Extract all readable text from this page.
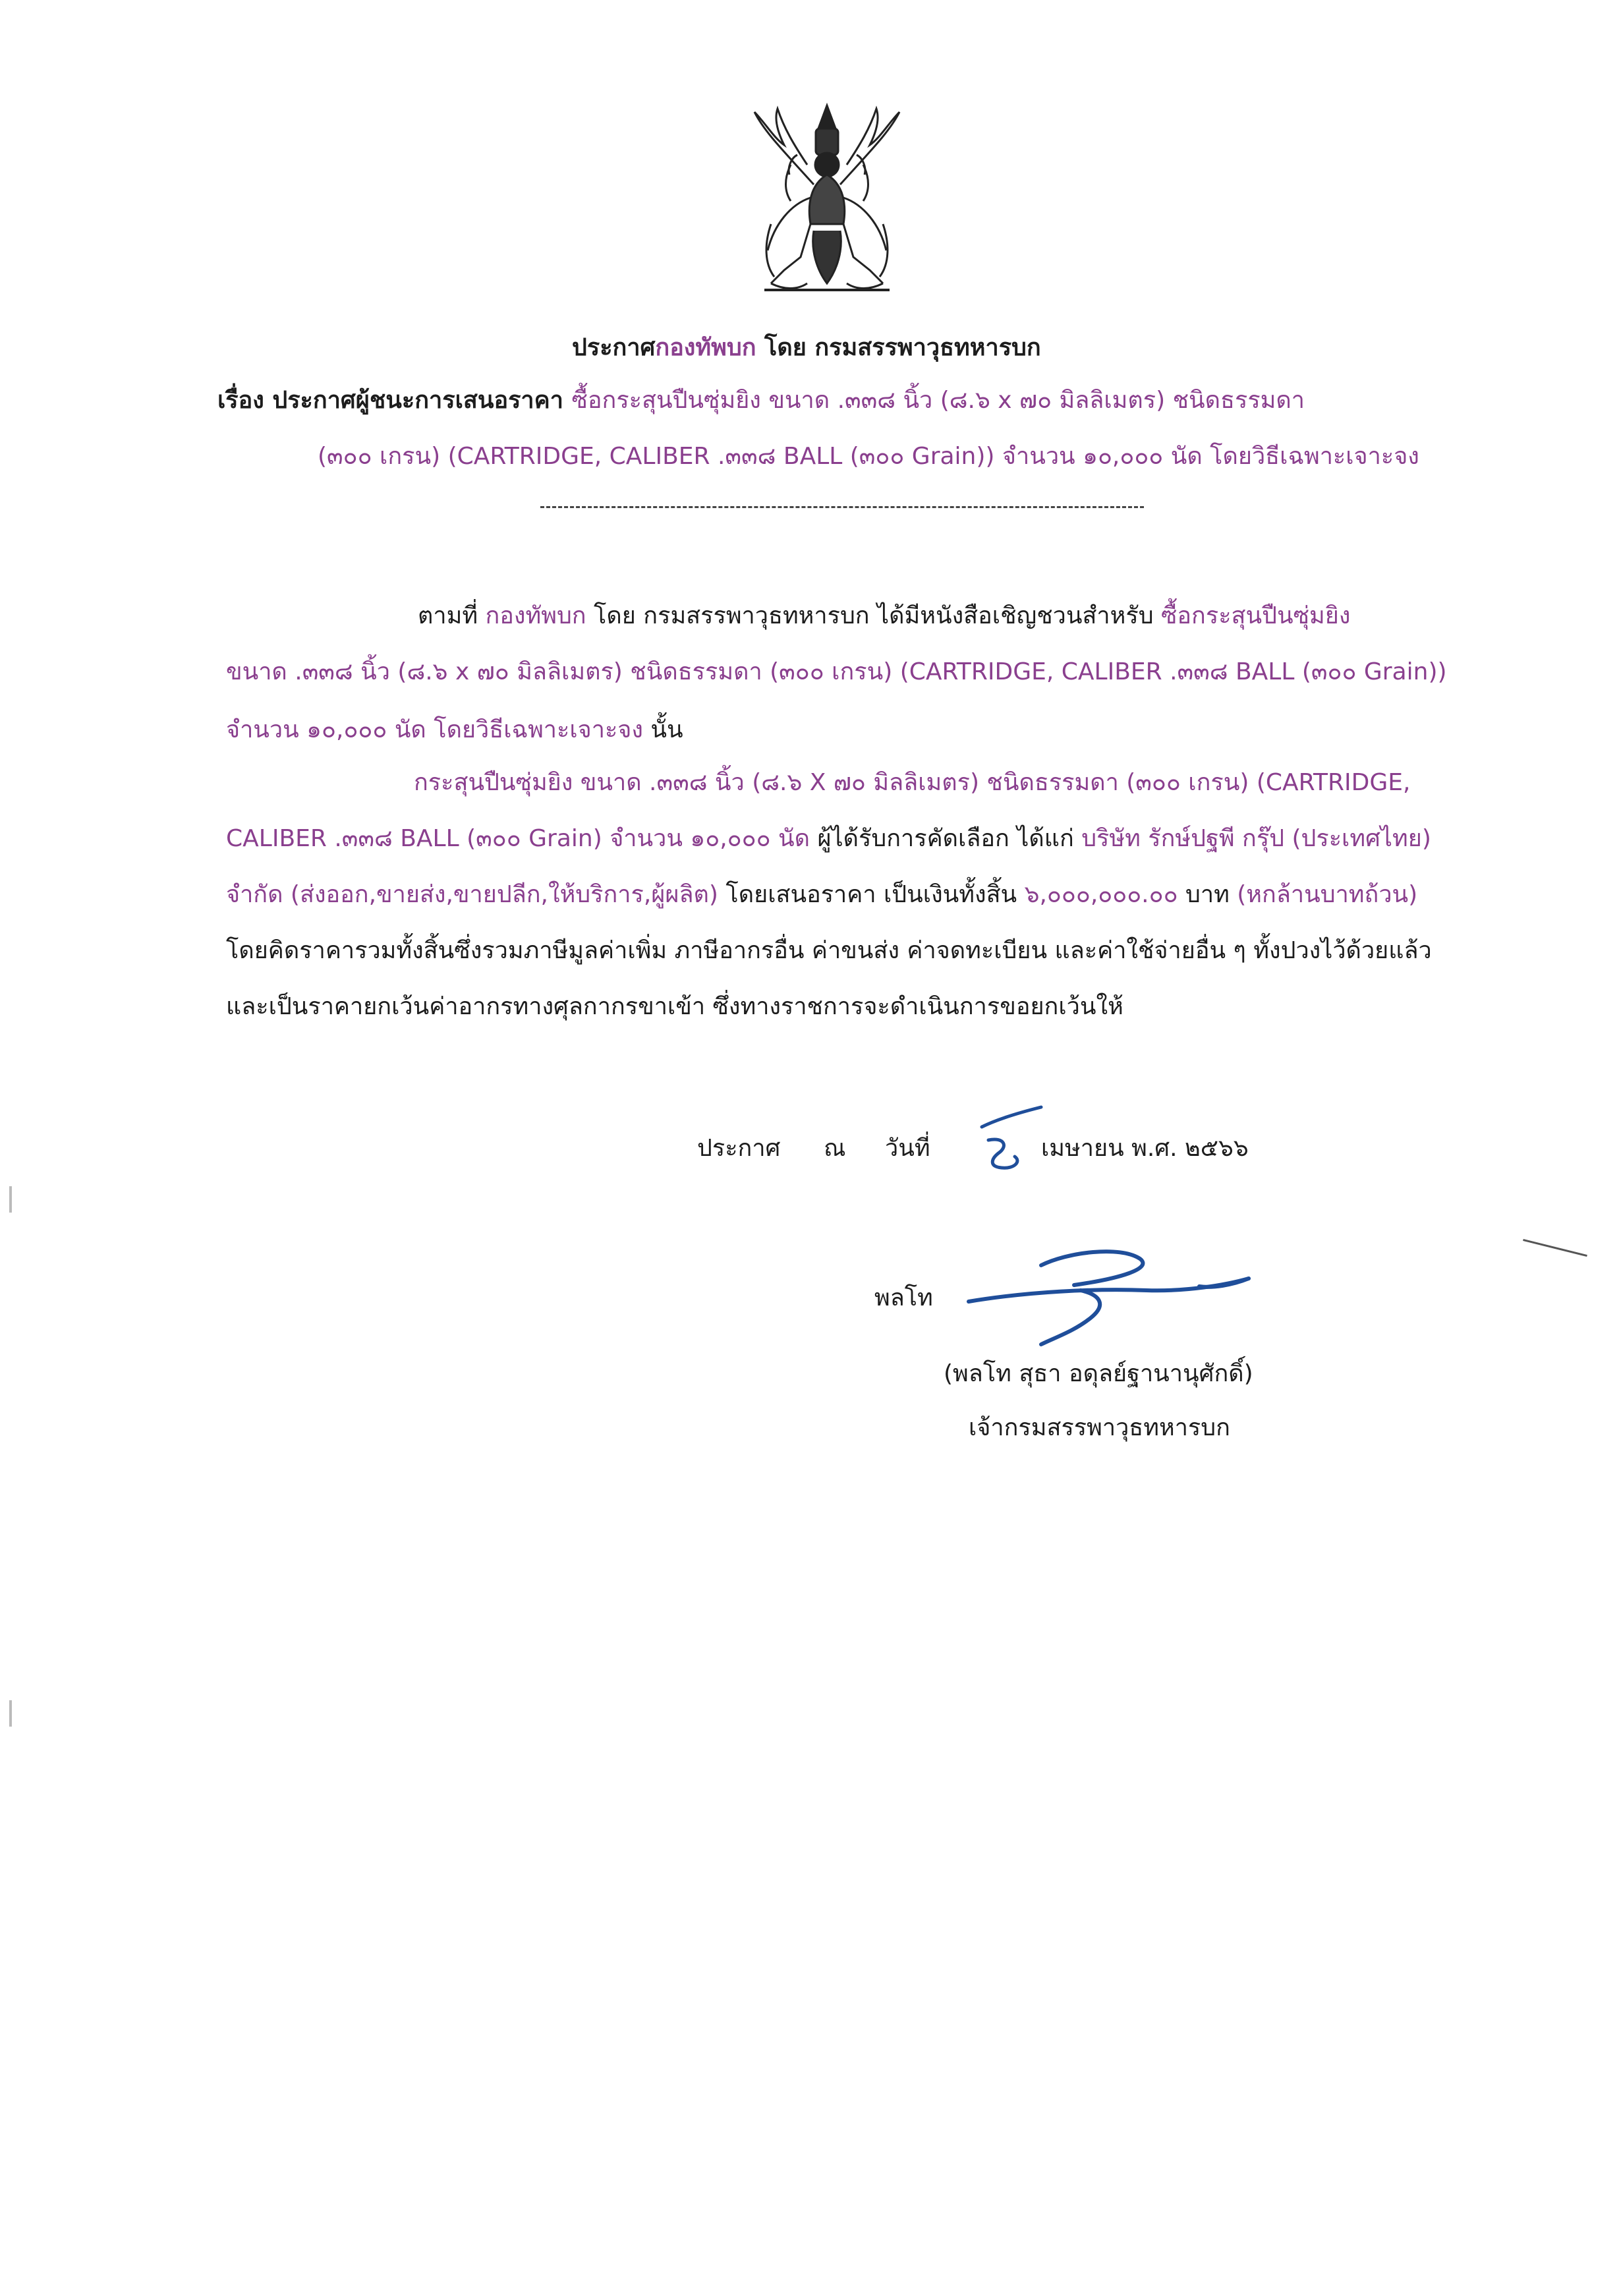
ประกาศกองทัพบก โดย กรมสรรพาวุธทหารบก
เรื่อง ประกาศผู้ชนะการเสนอราคา ซื้อกระสุนปืนซุ่มยิง ขนาด .๓๓๘ นิ้ว (๘.๖ x ๗๐ มิลลิเมตร) ชนิดธรรมดา
(๓๐๐ เกรน) (CARTRIDGE, CALIBER .๓๓๘ BALL (๓๐๐ Grain)) จำนวน ๑๐,๐๐๐ นัด โดยวิธีเฉพาะเจาะจง
ตามที่ กองทัพบก โดย กรมสรรพาวุธทหารบก ได้มีหนังสือเชิญชวนสำหรับ ซื้อกระสุนปืนซุ่มยิง
ขนาด .๓๓๘ นิ้ว (๘.๖ x ๗๐ มิลลิเมตร) ชนิดธรรมดา (๓๐๐ เกรน) (CARTRIDGE, CALIBER .๓๓๘ BALL (๓๐๐ Grain))
จำนวน ๑๐,๐๐๐ นัด โดยวิธีเฉพาะเจาะจง นั้น
กระสุนปืนซุ่มยิง ขนาด .๓๓๘ นิ้ว (๘.๖ X ๗๐ มิลลิเมตร) ชนิดธรรมดา (๓๐๐ เกรน) (CARTRIDGE,
CALIBER .๓๓๘ BALL (๓๐๐ Grain) จำนวน ๑๐,๐๐๐ นัด ผู้ได้รับการคัดเลือก ได้แก่ บริษัท รักษ์ปฐพี กรุ๊ป (ประเทศไทย)
จำกัด (ส่งออก,ขายส่ง,ขายปลีก,ให้บริการ,ผู้ผลิต) โดยเสนอราคา เป็นเงินทั้งสิ้น ๖,๐๐๐,๐๐๐.๐๐ บาท (หกล้านบาทถ้วน)
โดยคิดราคารวมทั้งสิ้นซึ่งรวมภาษีมูลค่าเพิ่ม ภาษีอากรอื่น ค่าขนส่ง ค่าจดทะเบียน และค่าใช้จ่ายอื่น ๆ ทั้งปวงไว้ด้วยแล้ว
และเป็นราคายกเว้นค่าอากรทางศุลกากรขาเข้า ซึ่งทางราชการจะดำเนินการขอยกเว้นให้
ประกาศ ณ วันที่	๕ เมษายน พ.ศ. ๒๕๖๖
พลโท
(พลโท สุธา อดุลย์ฐานานุศักดิ์)
เจ้ากรมสรรพาวุธทหารบก
